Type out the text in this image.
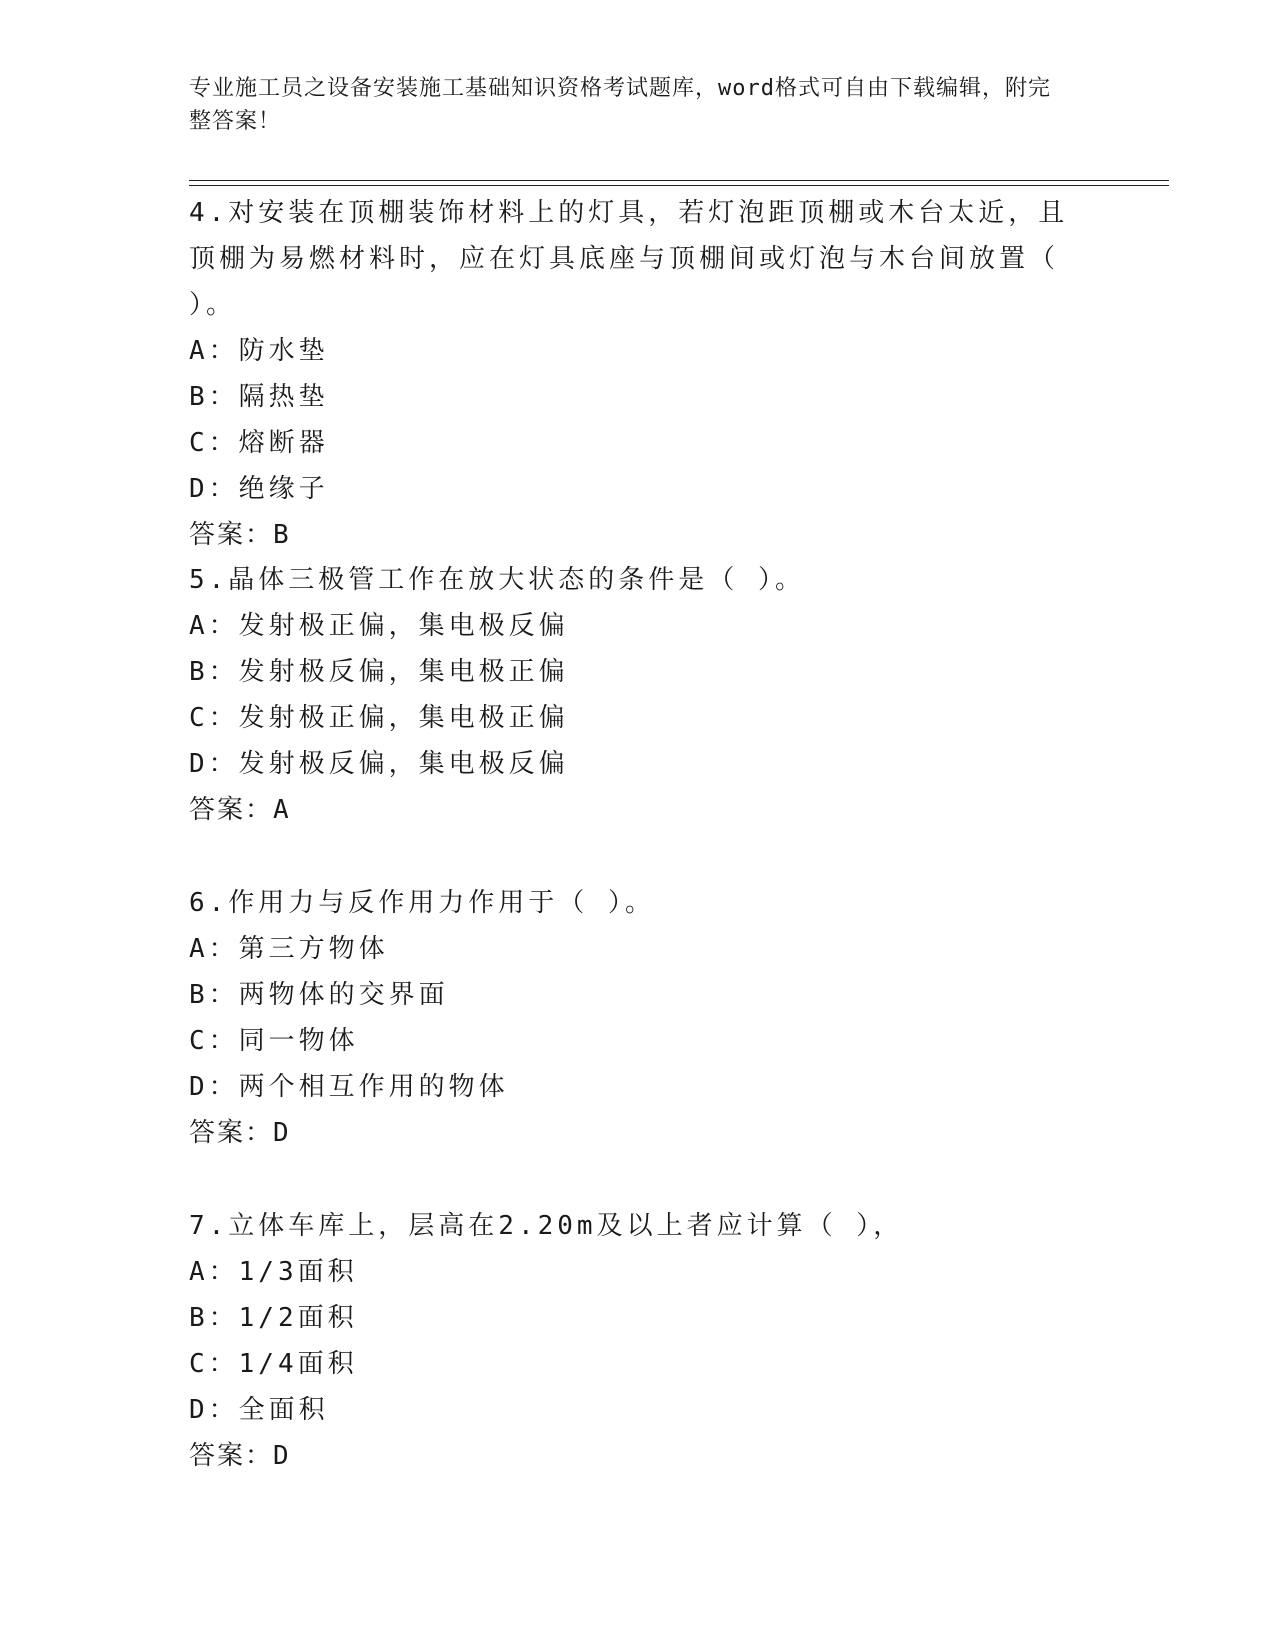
专业施工员之设备安装施工基础知识资格考试题库，word格式可自由下载编辑，附完整答案！

4.对安装在顶棚装饰材料上的灯具，若灯泡距顶棚或木台太近，且顶棚为易燃材料时，应在灯具底座与顶棚间或灯泡与木台间放置（ ）。

A：防水垫

B：隔热垫

C：熔断器

D：绝缘子

答案：B

5.晶体三极管工作在放大状态的条件是（ ）。

A：发射极正偏，集电极反偏

B：发射极反偏，集电极正偏

C：发射极正偏，集电极正偏

D：发射极反偏，集电极反偏

答案：A

6.作用力与反作用力作用于（ ）。

A：第三方物体

B：两物体的交界面

C：同一物体

D：两个相互作用的物体

答案：D

7.立体车库上，层高在2.20m及以上者应计算（ ），

A：1/3面积

B：1/2面积

C：1/4面积

D：全面积

答案：D
